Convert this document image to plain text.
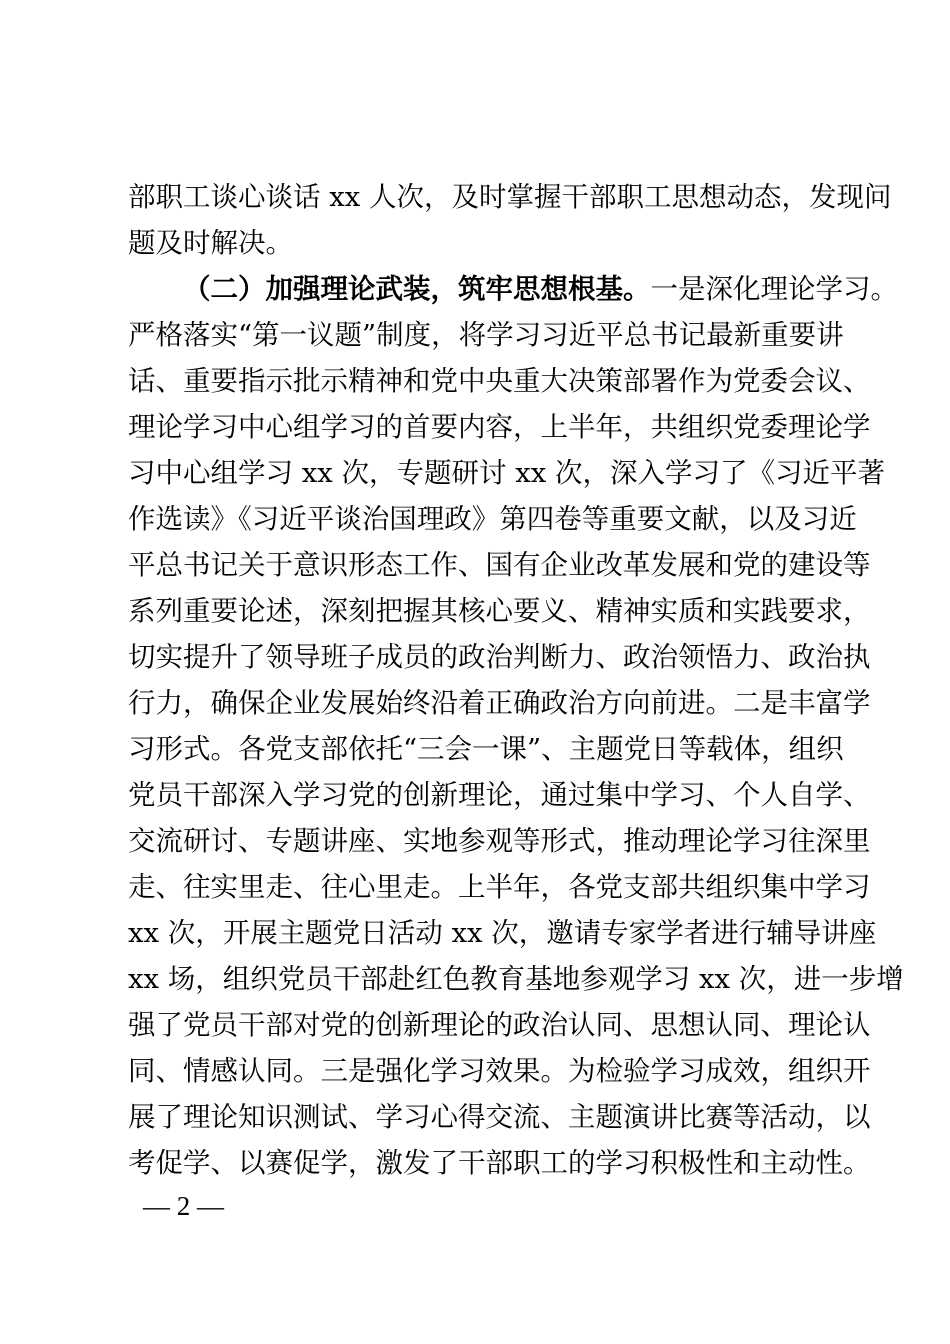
部职工谈心谈话 xx 人次，及时掌握干部职工思想动态，发现问

题及时解决。

（二）加强理论武装，筑牢思想根基。一是深化理论学习。

严格落实“第一议题”制度，将学习习近平总书记最新重要讲

话、重要指示批示精神和党中央重大决策部署作为党委会议、

理论学习中心组学习的首要内容，上半年，共组织党委理论学

习中心组学习 xx 次，专题研讨 xx 次，深入学习了《习近平著

作选读》《习近平谈治国理政》第四卷等重要文献，以及习近

平总书记关于意识形态工作、国有企业改革发展和党的建设等

系列重要论述，深刻把握其核心要义、精神实质和实践要求，

切实提升了领导班子成员的政治判断力、政治领悟力、政治执

行力，确保企业发展始终沿着正确政治方向前进。二是丰富学

习形式。各党支部依托“三会一课”、主题党日等载体，组织

党员干部深入学习党的创新理论，通过集中学习、个人自学、

交流研讨、专题讲座、实地参观等形式，推动理论学习往深里

走、往实里走、往心里走。上半年，各党支部共组织集中学习

xx 次，开展主题党日活动 xx 次，邀请专家学者进行辅导讲座

xx 场，组织党员干部赴红色教育基地参观学习 xx 次，进一步增

强了党员干部对党的创新理论的政治认同、思想认同、理论认

同、情感认同。三是强化学习效果。为检验学习成效，组织开

展了理论知识测试、学习心得交流、主题演讲比赛等活动，以

考促学、以赛促学，激发了干部职工的学习积极性和主动性。

— 2 —
